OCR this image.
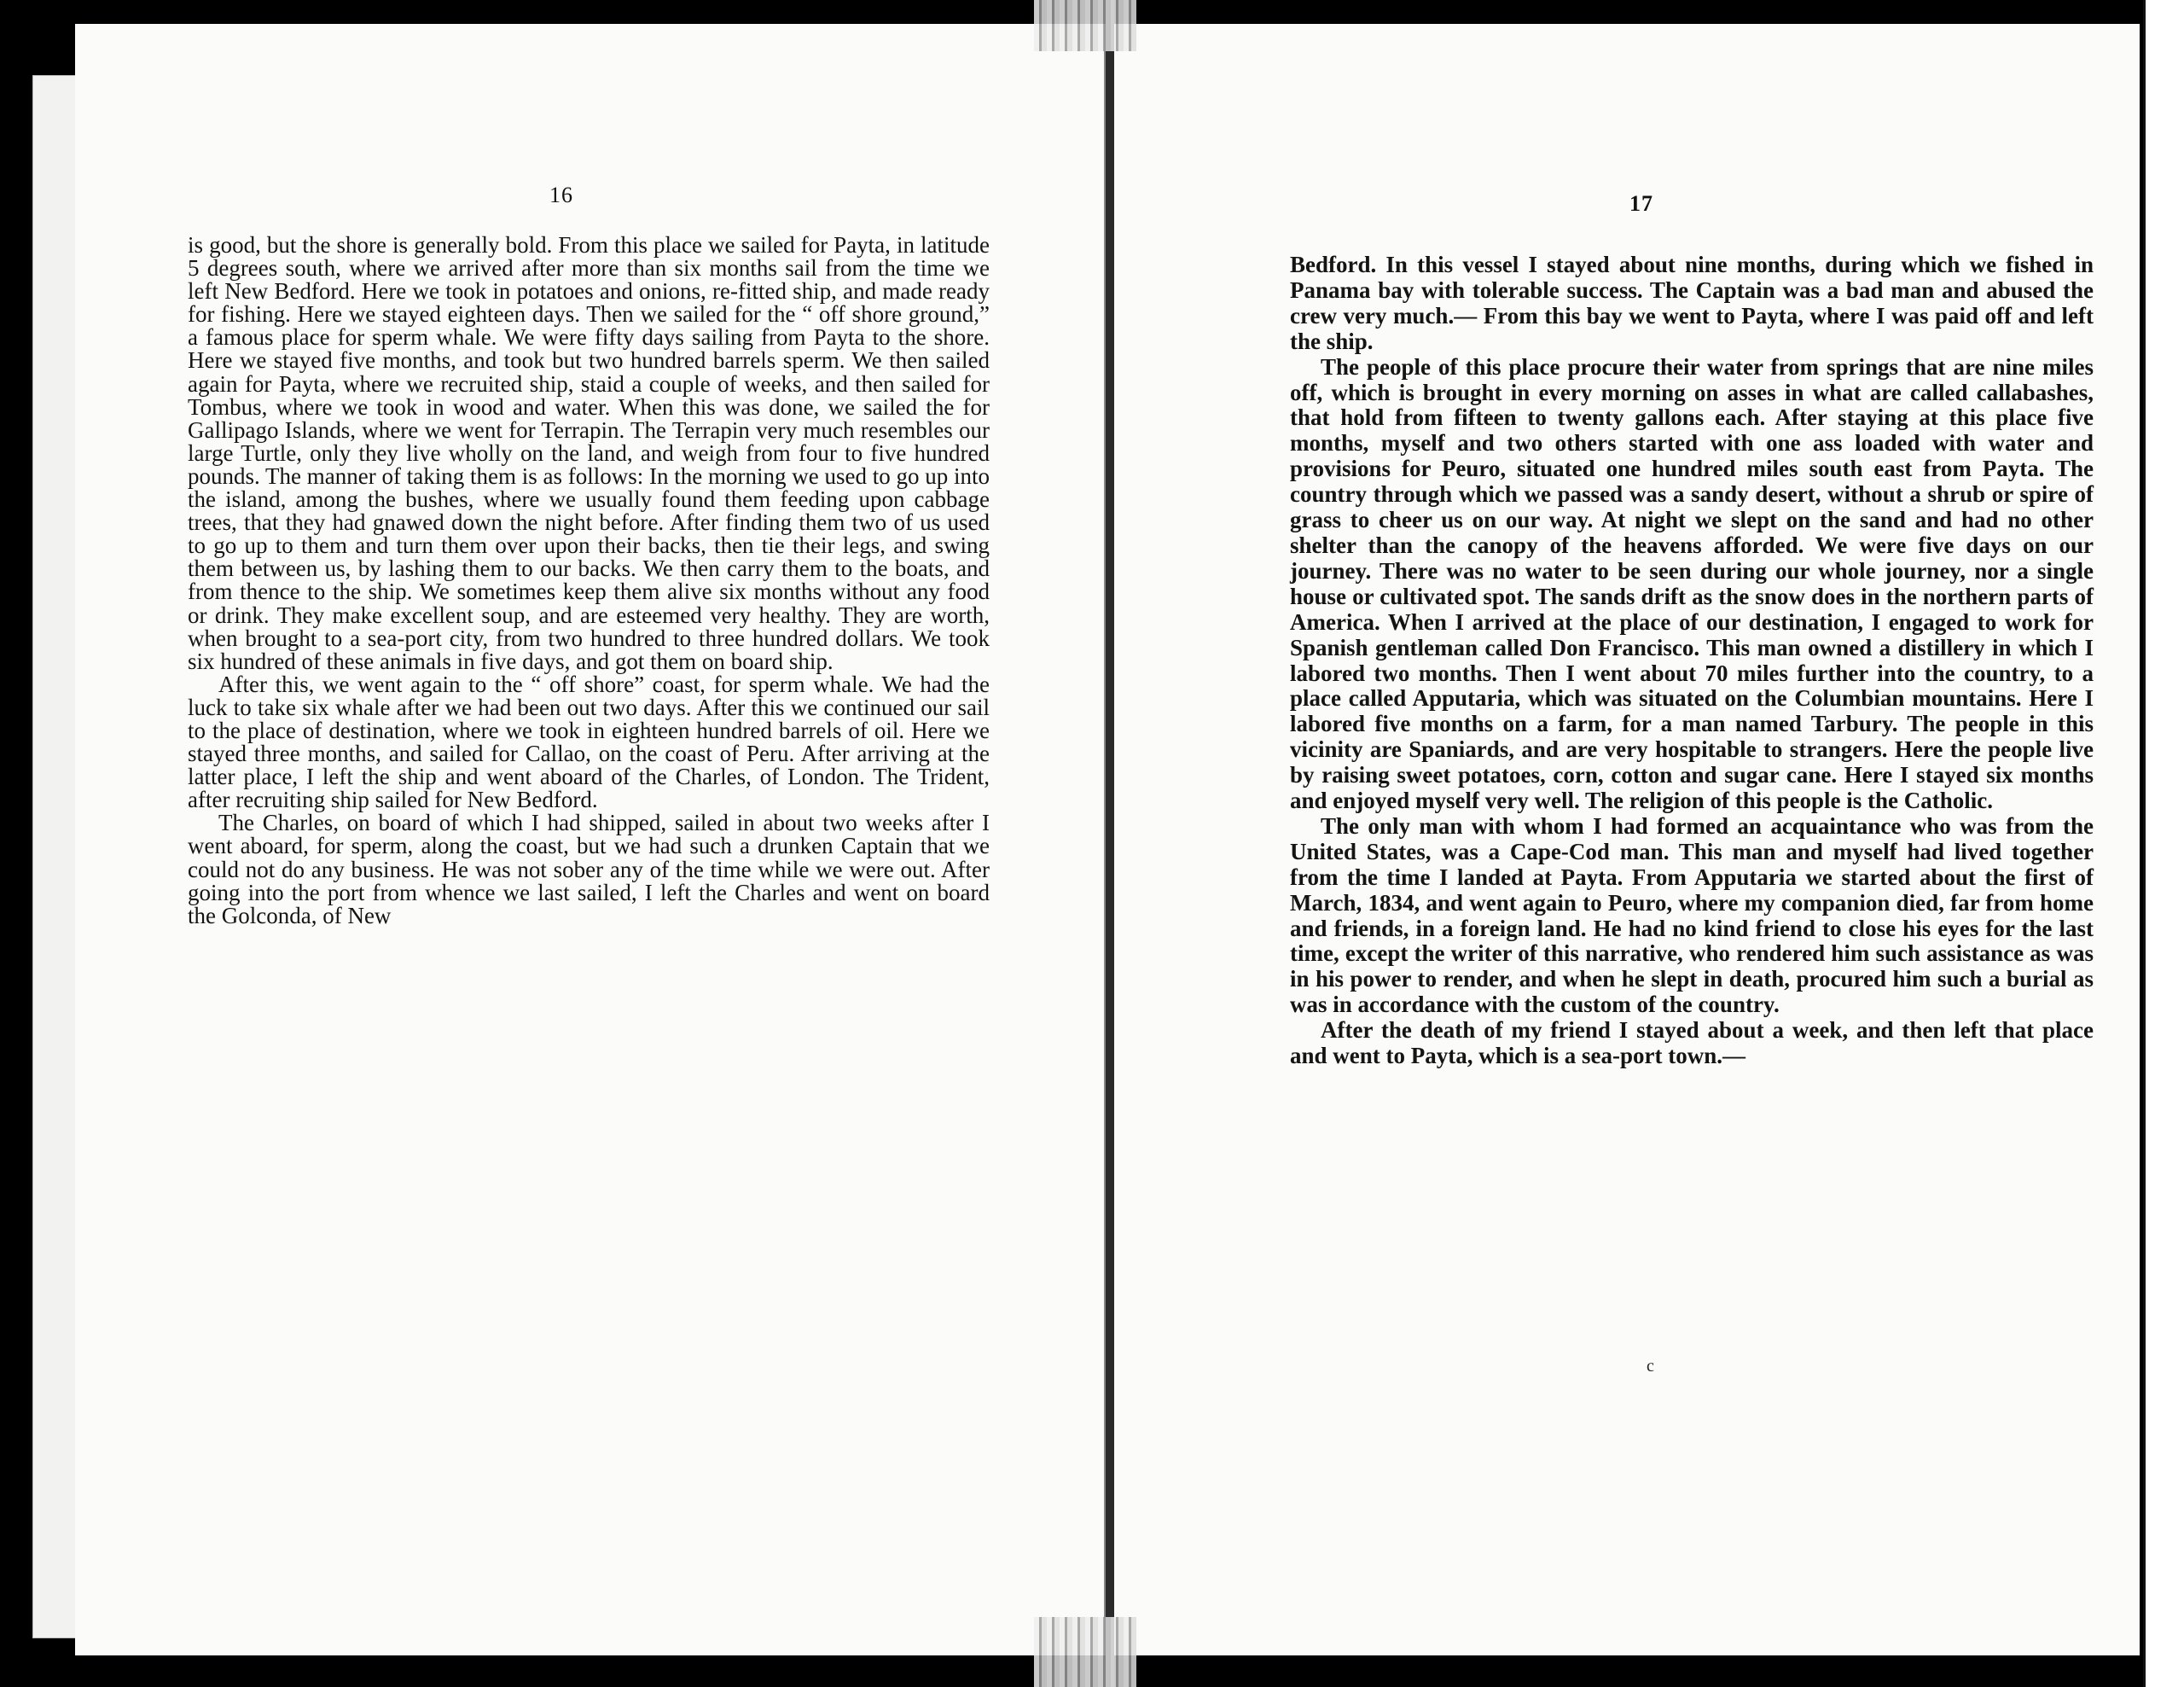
16

is good, but the shore is generally bold. From this place we sailed for Payta, in latitude 5 degrees south, where we arrived after more than six months sail from the time we left New Bedford. Here we took in potatoes and onions, re-fitted ship, and made ready for fishing. Here we stayed eighteen days. Then we sailed for the “ off shore ground,” a famous place for sperm whale. We were fifty days sailing from Payta to the shore. Here we stayed five months, and took but two hundred barrels sperm. We then sailed again for Payta, where we recruited ship, staid a couple of weeks, and then sailed for Tombus, where we took in wood and water. When this was done, we sailed the for Gallipago Islands, where we went for Terrapin. The Terrapin very much resembles our large Turtle, only they live wholly on the land, and weigh from four to five hundred pounds. The manner of taking them is as follows: In the morning we used to go up into the island, among the bushes, where we usually found them feeding upon cabbage trees, that they had gnawed down the night before. After finding them two of us used to go up to them and turn them over upon their backs, then tie their legs, and swing them between us, by lashing them to our backs. We then carry them to the boats, and from thence to the ship. We sometimes keep them alive six months without any food or drink. They make excellent soup, and are esteemed very healthy. They are worth, when brought to a sea-port city, from two hundred to three hundred dollars. We took six hundred of these animals in five days, and got them on board ship.

After this, we went again to the “ off shore” coast, for sperm whale. We had the luck to take six whale after we had been out two days. After this we continued our sail to the place of destination, where we took in eighteen hundred barrels of oil. Here we stayed three months, and sailed for Callao, on the coast of Peru. After arriving at the latter place, I left the ship and went aboard of the Charles, of London. The Trident, after recruiting ship sailed for New Bedford.

The Charles, on board of which I had shipped, sailed in about two weeks after I went aboard, for sperm, along the coast, but we had such a drunken Captain that we could not do any business. He was not sober any of the time while we were out. After going into the port from whence we last sailed, I left the Charles and went on board the Golconda, of New

17

Bedford. In this vessel I stayed about nine months, during which we fished in Panama bay with tolerable success. The Captain was a bad man and abused the crew very much.— From this bay we went to Payta, where I was paid off and left the ship.

The people of this place procure their water from springs that are nine miles off, which is brought in every morning on asses in what are called callabashes, that hold from fifteen to twenty gallons each. After staying at this place five months, myself and two others started with one ass loaded with water and provisions for Peuro, situated one hundred miles south east from Payta. The country through which we passed was a sandy desert, without a shrub or spire of grass to cheer us on our way. At night we slept on the sand and had no other shelter than the canopy of the heavens afforded. We were five days on our journey. There was no water to be seen during our whole journey, nor a single house or cultivated spot. The sands drift as the snow does in the northern parts of America. When I arrived at the place of our destination, I engaged to work for Spanish gentleman called Don Francisco. This man owned a distillery in which I labored two months. Then I went about 70 miles further into the country, to a place called Apputaria, which was situated on the Columbian mountains. Here I labored five months on a farm, for a man named Tarbury. The people in this vicinity are Spaniards, and are very hospitable to strangers. Here the people live by raising sweet potatoes, corn, cotton and sugar cane. Here I stayed six months and enjoyed myself very well. The religion of this people is the Catholic.

The only man with whom I had formed an acquaintance who was from the United States, was a Cape-Cod man. This man and myself had lived together from the time I landed at Payta. From Apputaria we started about the first of March, 1834, and went again to Peuro, where my companion died, far from home and friends, in a foreign land. He had no kind friend to close his eyes for the last time, except the writer of this narrative, who rendered him such assistance as was in his power to render, and when he slept in death, procured him such a burial as was in accordance with the custom of the country.

After the death of my friend I stayed about a week, and then left that place and went to Payta, which is a sea-port town.—

c
